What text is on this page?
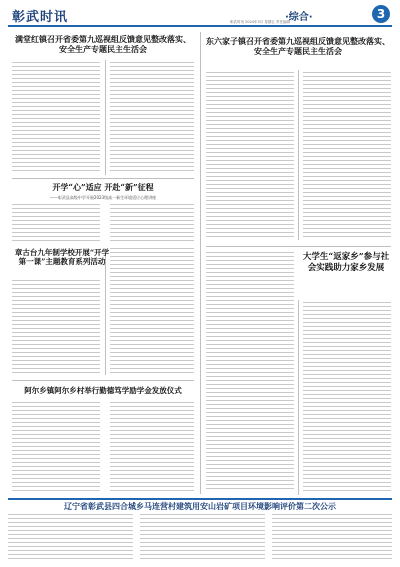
彰武时讯	·综合·	3
彰武时讯 2024年3月 星期五 责任编辑
满堂红镇召开省委第九巡视组反馈意见整改落实、安全生产专题民主生活会
开学“心”适应 开赴“新”征程
——彰武县高级中学开展2023级高一新生环境适应心理讲座
章古台九年制学校开展“开学第一课”主题教育系列活动
阿尔乡镇阿尔乡村举行勤德笃学励学金发放仪式
东六家子镇召开省委第九巡视组反馈意见整改落实、安全生产专题民主生活会
大学生“返家乡”参与社会实践助力家乡发展
辽宁省彰武县四合城乡马连营村建筑用安山岩矿项目环境影响评价第二次公示
